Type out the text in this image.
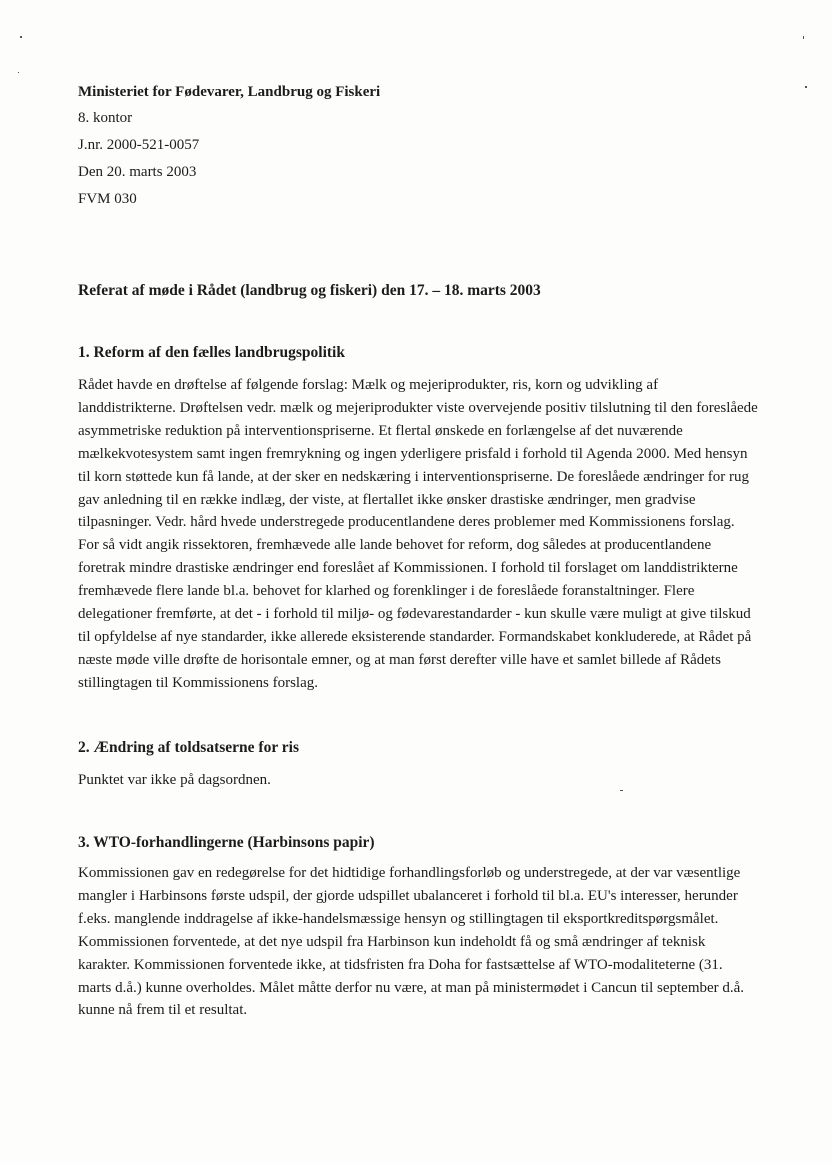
Ministeriet for Fødevarer, Landbrug og Fiskeri
8. kontor
J.nr. 2000-521-0057
Den 20. marts 2003
FVM 030
Referat af møde i Rådet (landbrug og fiskeri) den 17. – 18. marts 2003
1. Reform af den fælles landbrugspolitik
Rådet havde en drøftelse af følgende forslag: Mælk og mejeriprodukter, ris, korn og udvikling af landdistrikterne. Drøftelsen vedr. mælk og mejeriprodukter viste overvejende positiv tilslutning til den foreslåede asymmetriske reduktion på interventionspriserne. Et flertal ønskede en forlængelse af det nuværende mælkekvotesystem samt ingen fremrykning og ingen yderligere prisfald i forhold til Agenda 2000. Med hensyn til korn støttede kun få lande, at der sker en nedskæring i interventionspriserne. De foreslåede ændringer for rug gav anledning til en række indlæg, der viste, at flertallet ikke ønsker drastiske ændringer, men gradvise tilpasninger. Vedr. hård hvede understregede producentlandene deres problemer med Kommissionens forslag. For så vidt angik rissektoren, fremhævede alle lande behovet for reform, dog således at producentlandene foretrak mindre drastiske ændringer end foreslået af Kommissionen. I forhold til forslaget om landdistrikterne fremhævede flere lande bl.a. behovet for klarhed og forenklinger i de foreslåede foranstaltninger. Flere delegationer fremførte, at det - i forhold til miljø- og fødevarestandarder - kun skulle være muligt at give tilskud til opfyldelse af nye standarder, ikke allerede eksisterende standarder. Formandskabet konkluderede, at Rådet på næste møde ville drøfte de horisontale emner, og at man først derefter ville have et samlet billede af Rådets stillingtagen til Kommissionens forslag.
2. Ændring af toldsatserne for ris
Punktet var ikke på dagsordnen.
3. WTO-forhandlingerne (Harbinsons papir)
Kommissionen gav en redegørelse for det hidtidige forhandlingsforløb og understregede, at der var væsentlige mangler i Harbinsons første udspil, der gjorde udspillet ubalanceret i forhold til bl.a. EU's interesser, herunder f.eks. manglende inddragelse af ikke-handelsmæssige hensyn og stillingtagen til eksportkreditspørgsmålet. Kommissionen forventede, at det nye udspil fra Harbinson kun indeholdt få og små ændringer af teknisk karakter. Kommissionen forventede ikke, at tidsfristen fra Doha for fastsættelse af WTO-modaliteterne (31. marts d.å.) kunne overholdes. Målet måtte derfor nu være, at man på ministermødet i Cancun til september d.å. kunne nå frem til et resultat.
